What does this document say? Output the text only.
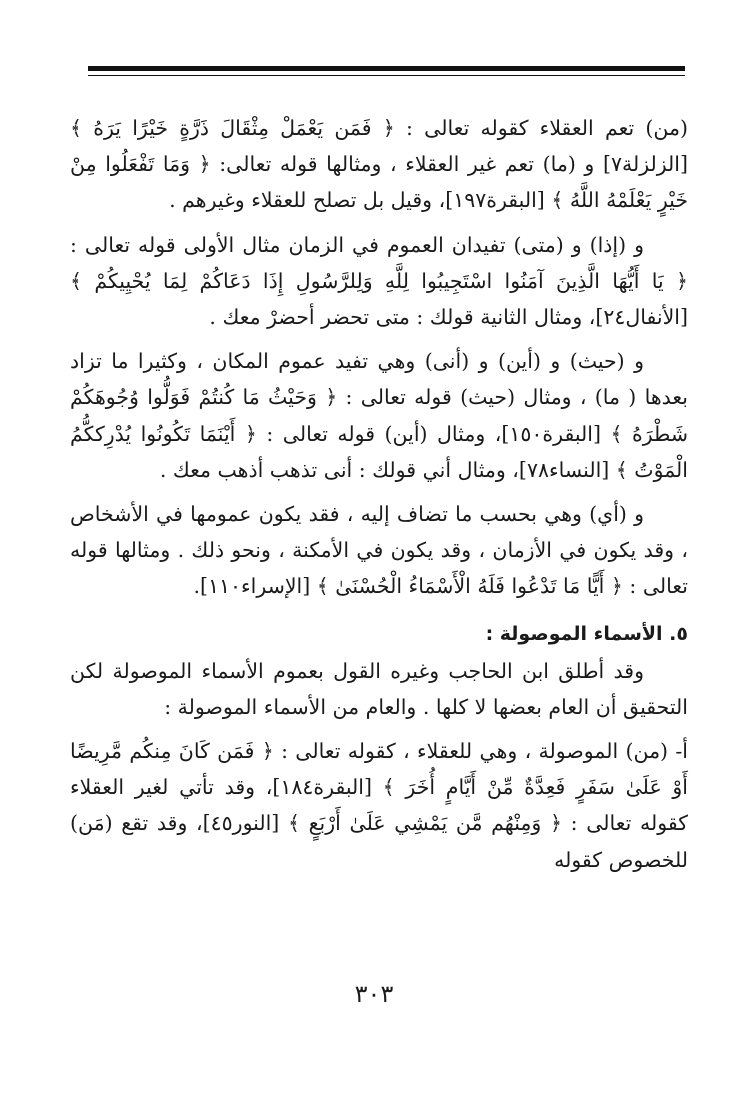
(من) تعم العقلاء كقوله تعالى : ﴿ فَمَن يَعْمَلْ مِثْقَالَ ذَرَّةٍ خَيْرًا يَرَهُ ﴾ [الزلزلة٧] و (ما) تعم غير العقلاء ، ومثالها قوله تعالى: ﴿ وَمَا تَفْعَلُوا مِنْ خَيْرٍ يَعْلَمْهُ اللَّهُ ﴾ [البقرة١٩٧]، وقيل بل تصلح للعقلاء وغيرهم .

و (إذا) و (متى) تفيدان العموم في الزمان مثال الأولى قوله تعالى : ﴿ يَا أَيُّهَا الَّذِينَ آمَنُوا اسْتَجِيبُوا لِلَّهِ وَلِلرَّسُولِ إِذَا دَعَاكُمْ لِمَا يُحْيِيكُمْ ﴾ [الأنفال٢٤]، ومثال الثانية قولك : متى تحضر أحضرْ معك .

و (حيث) و (أين) و (أنى) وهي تفيد عموم المكان ، وكثيرا ما تزاد بعدها ( ما) ، ومثال (حيث) قوله تعالى : ﴿ وَحَيْثُ مَا كُنتُمْ فَوَلُّوا وُجُوهَكُمْ شَطْرَهُ ﴾ [البقرة١٥٠]، ومثال (أين) قوله تعالى : ﴿ أَيْنَمَا تَكُونُوا يُدْرِككُّمُ الْمَوْتُ ﴾ [النساء٧٨]، ومثال أني قولك : أنى تذهب أذهب معك .

و (أي) وهي بحسب ما تضاف إليه ، فقد يكون عمومها في الأشخاص ، وقد يكون في الأزمان ، وقد يكون في الأمكنة ، ونحو ذلك . ومثالها قوله تعالى : ﴿ أَيًّا مَا تَدْعُوا فَلَهُ الْأَسْمَاءُ الْحُسْنَىٰ ﴾ [الإسراء١١٠].

٥. الأسماء الموصولة :

وقد أطلق ابن الحاجب وغيره القول بعموم الأسماء الموصولة لكن التحقيق أن العام بعضها لا كلها . والعام من الأسماء الموصولة :

أ- (من) الموصولة ، وهي للعقلاء ، كقوله تعالى : ﴿ فَمَن كَانَ مِنكُم مَّرِيضًا أَوْ عَلَىٰ سَفَرٍ فَعِدَّةٌ مِّنْ أَيَّامٍ أُخَرَ ﴾ [البقرة١٨٤]، وقد تأتي لغير العقلاء كقوله تعالى : ﴿ وَمِنْهُم مَّن يَمْشِي عَلَىٰ أَرْبَعٍ ﴾ [النور٤٥]، وقد تقع (مَن) للخصوص كقوله

٣٠٣
